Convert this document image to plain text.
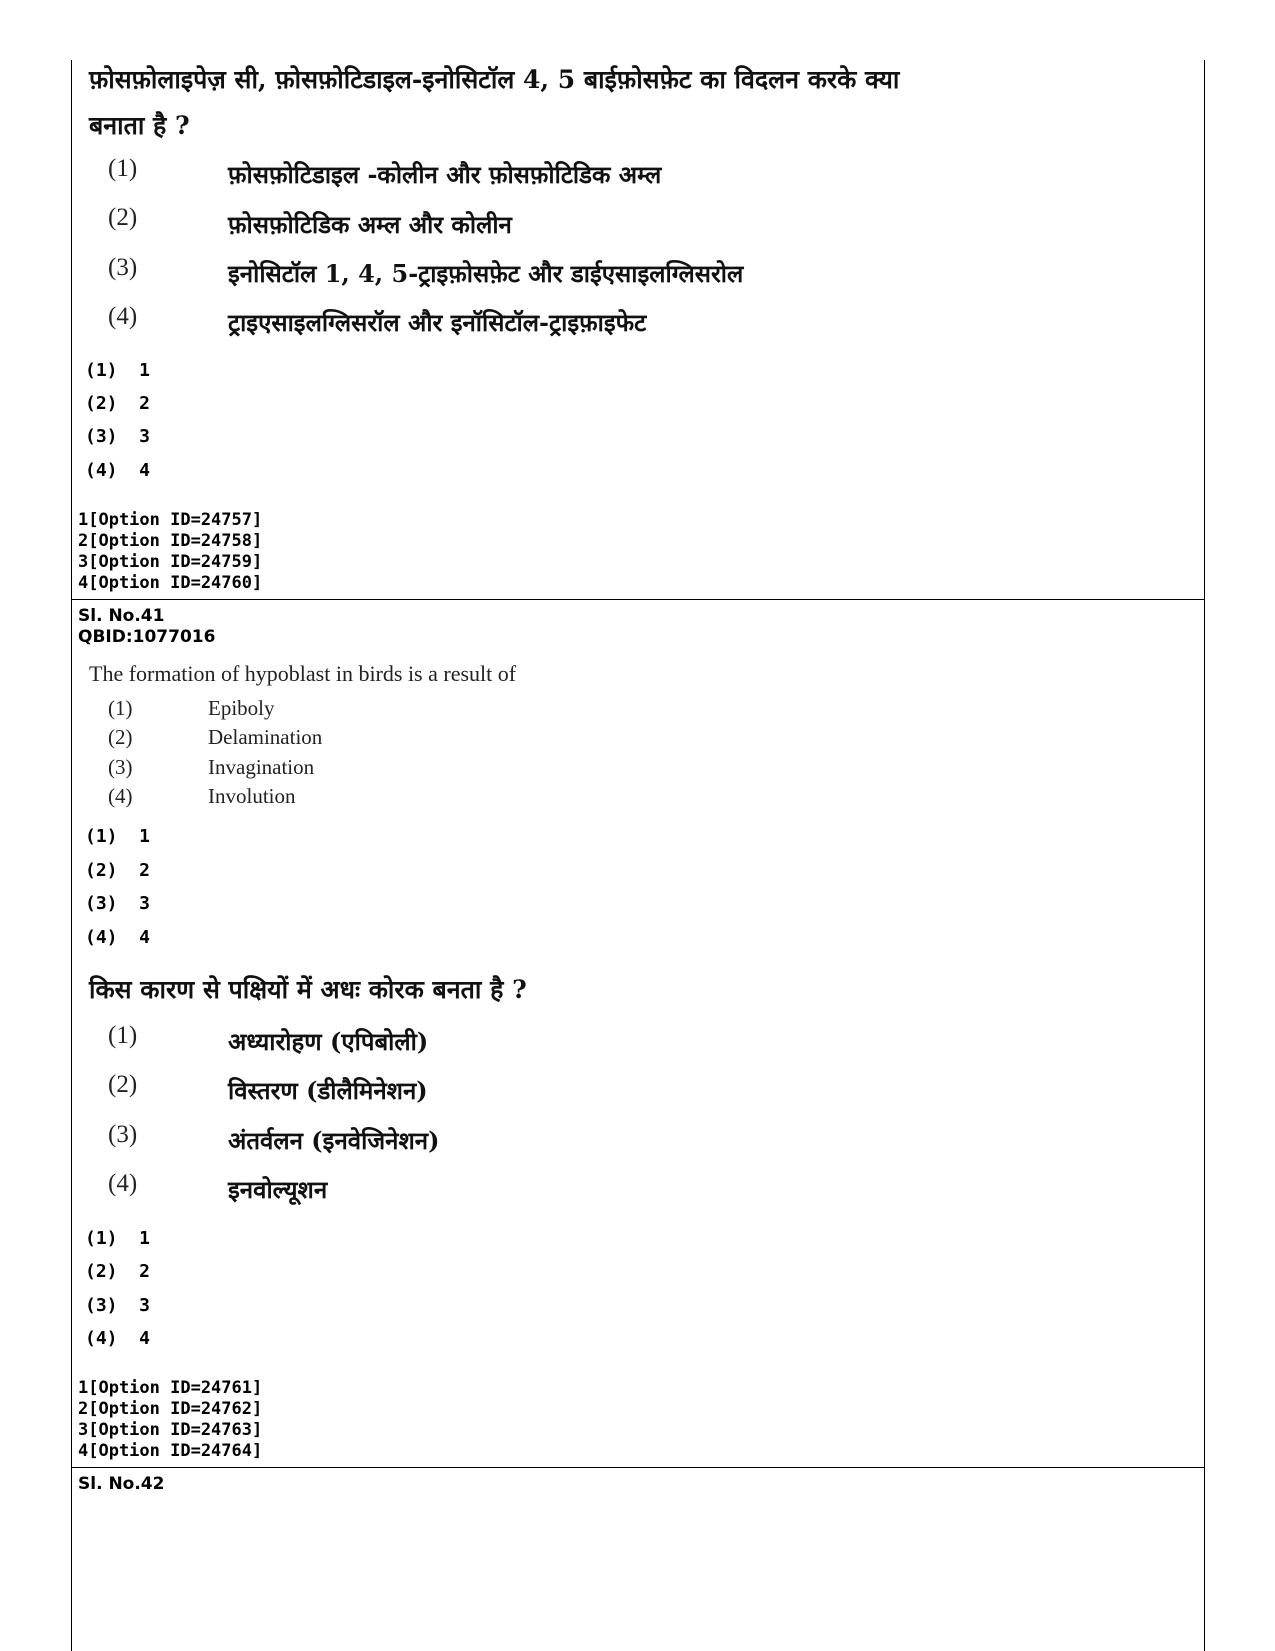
फ़ोसफ़ोलाइपेज़ सी, फ़ोसफ़ोटिडाइल-इनोसिटॉल 4, 5 बाईफ़ोसफ़ेट का विदलन करके क्या
बनाता है ?
(1)	फ़ोसफ़ोटिडाइल -कोलीन और फ़ोसफ़ोटिडिक अम्ल
(2)	फ़ोसफ़ोटिडिक अम्ल और कोलीन
(3)	इनोसिटॉल 1, 4, 5-ट्राइफ़ोसफ़ेट और डाईएसाइलग्लिसरोल
(4)	ट्राइएसाइलग्लिसरॉल और इनॉसिटॉल-ट्राइफ़ाइफेट
(1)  1
(2)  2
(3)  3
(4)  4
1[Option ID=24757]
2[Option ID=24758]
3[Option ID=24759]
4[Option ID=24760]
Sl. No.41
QBID:1077016
The formation of hypoblast in birds is a result of
(1)	Epiboly
(2)	Delamination
(3)	Invagination
(4)	Involution
(1)  1
(2)  2
(3)  3
(4)  4
किस कारण से पक्षियों में अधः कोरक बनता है ?
(1)	अध्यारोहण (एपिबोली)
(2)	विस्तरण (डीलैमिनेशन)
(3)	अंतर्वलन (इनवेजिनेशन)
(4)	इनवोल्यूशन
(1)  1
(2)  2
(3)  3
(4)  4
1[Option ID=24761]
2[Option ID=24762]
3[Option ID=24763]
4[Option ID=24764]
Sl. No.42
